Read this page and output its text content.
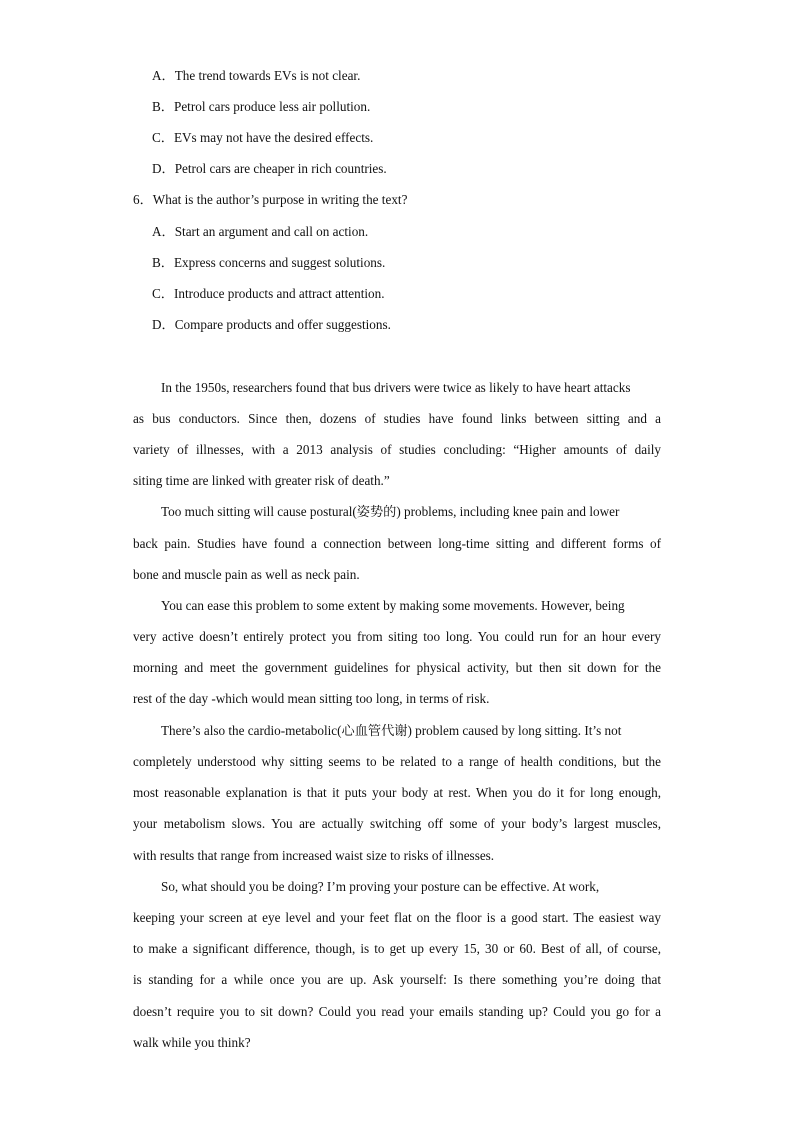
A．The trend towards EVs is not clear.
B．Petrol cars produce less air pollution.
C．EVs may not have the desired effects.
D．Petrol cars are cheaper in rich countries.
6．What is the author’s purpose in writing the text?
A．Start an argument and call on action.
B．Express concerns and suggest solutions.
C．Introduce products and attract attention.
D．Compare products and offer suggestions.
In the 1950s, researchers found that bus drivers were twice as likely to have heart attacks
as bus conductors. Since then, dozens of studies have found links between sitting and a
variety of illnesses, with a 2013 analysis of studies concluding: “Higher amounts of daily
siting time are linked with greater risk of death.”
Too much sitting will cause postural(姿势的) problems, including knee pain and lower
back pain. Studies have found a connection between long-time sitting and different forms of
bone and muscle pain as well as neck pain.
You can ease this problem to some extent by making some movements. However, being
very active doesn’t entirely protect you from siting too long. You could run for an hour every
morning and meet the government guidelines for physical activity, but then sit down for the
rest of the day -which would mean sitting too long, in terms of risk.
There’s also the cardio-metabolic(心血管代谢) problem caused by long sitting. It’s not
completely understood why sitting seems to be related to a range of health conditions, but the
most reasonable explanation is that it puts your body at rest. When you do it for long enough,
your metabolism slows. You are actually switching off some of your body’s largest muscles,
with results that range from increased waist size to risks of illnesses.
So, what should you be doing? I’m proving your posture can be effective. At work,
keeping your screen at eye level and your feet flat on the floor is a good start. The easiest way
to make a significant difference, though, is to get up every 15, 30 or 60. Best of all, of course,
is standing for a while once you are up. Ask yourself: Is there something you’re doing that
doesn’t require you to sit down? Could you read your emails standing up? Could you go for a
walk while you think?
